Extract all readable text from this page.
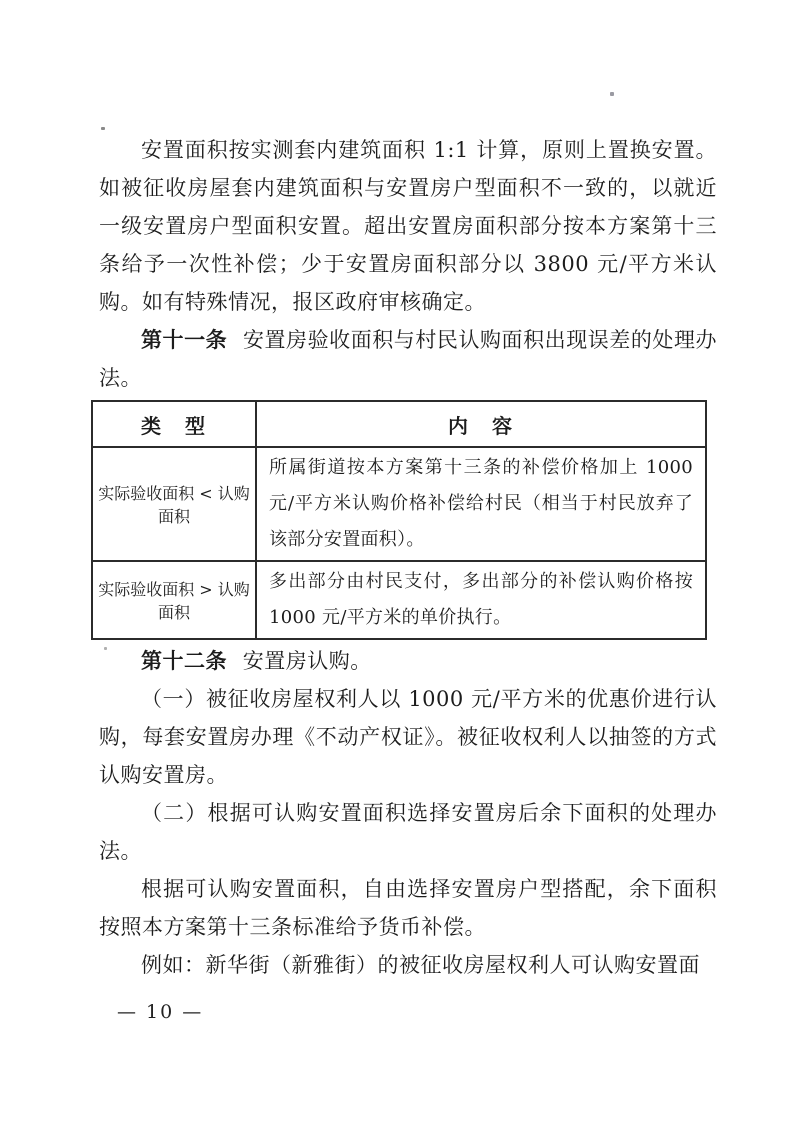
安置面积按实测套内建筑面积 1:1 计算，原则上置换安置。如被征收房屋套内建筑面积与安置房户型面积不一致的，以就近一级安置房户型面积安置。超出安置房面积部分按本方案第十三条给予一次性补偿；少于安置房面积部分以 3800 元/平方米认购。如有特殊情况，报区政府审核确定。

第十一条 安置房验收面积与村民认购面积出现误差的处理办法。

类　型	内　容
实际验收面积 < 认购面积	所属街道按本方案第十三条的补偿价格加上 1000 元/平方米认购价格补偿给村民（相当于村民放弃了该部分安置面积）。
实际验收面积 > 认购面积	多出部分由村民支付，多出部分的补偿认购价格按 1000 元/平方米的单价执行。

第十二条 安置房认购。

（一）被征收房屋权利人以 1000 元/平方米的优惠价进行认购，每套安置房办理《不动产权证》。被征收权利人以抽签的方式认购安置房。

（二）根据可认购安置面积选择安置房后余下面积的处理办法。

根据可认购安置面积，自由选择安置房户型搭配，余下面积按照本方案第十三条标准给予货币补偿。

例如：新华街（新雅街）的被征收房屋权利人可认购安置面

— 10 —
